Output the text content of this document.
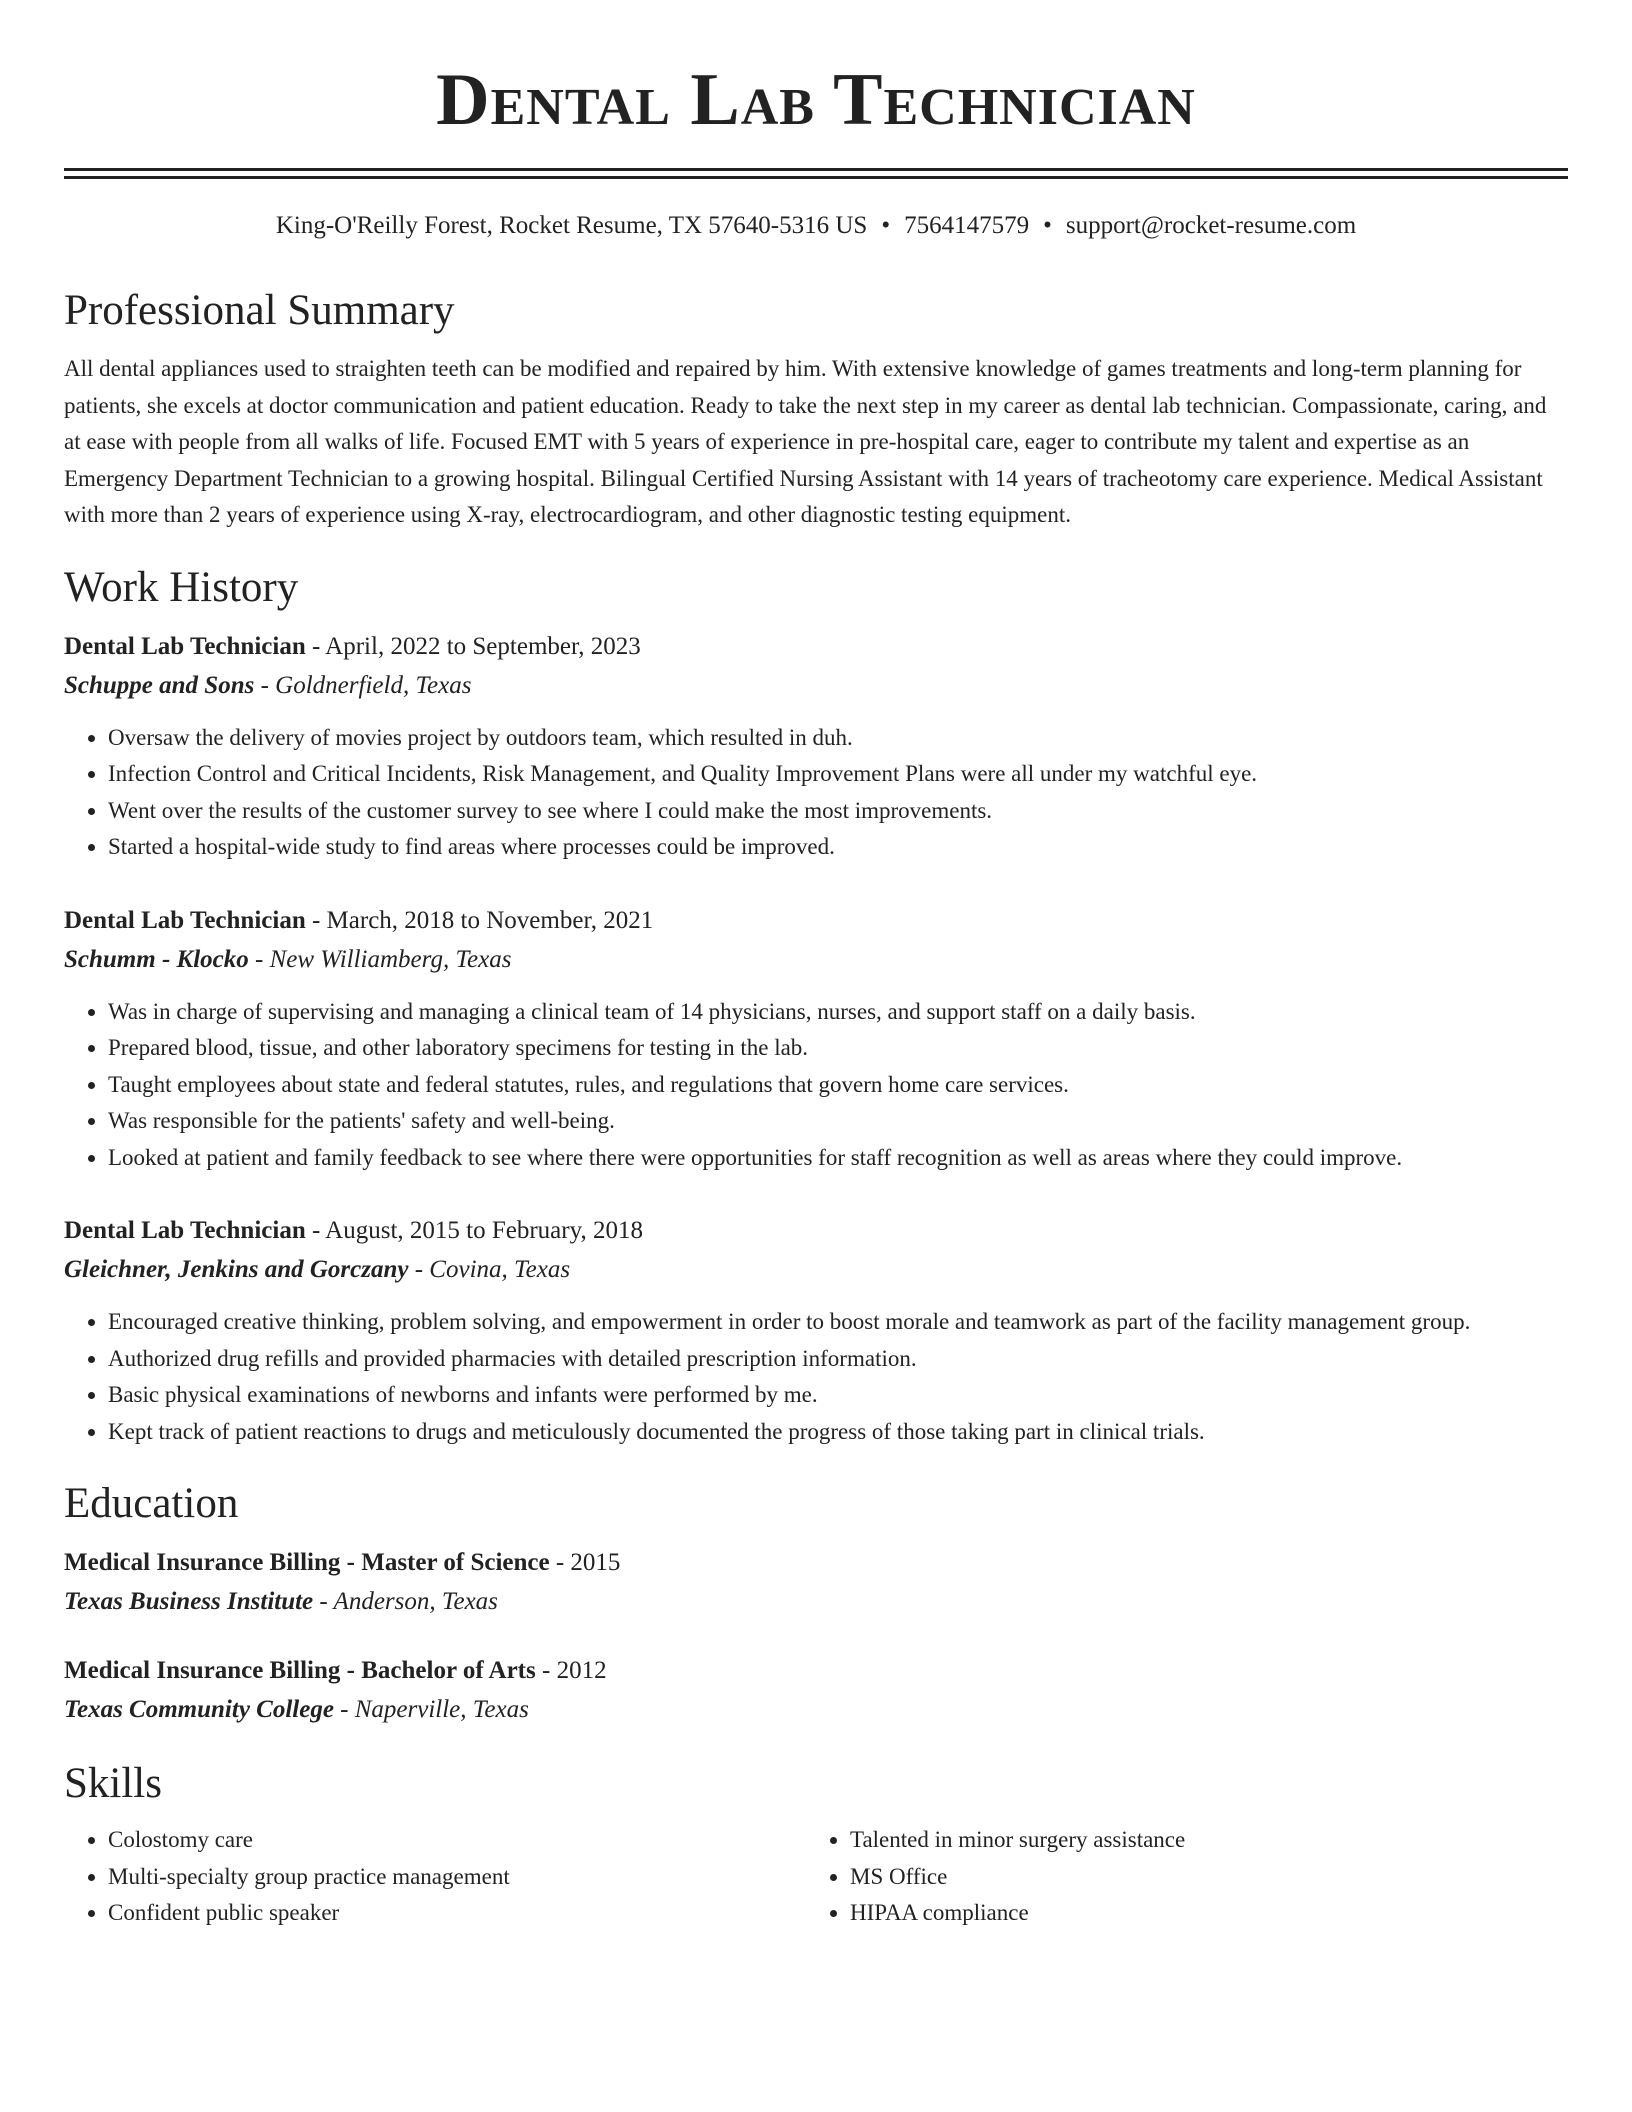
Dental Lab Technician
King-O'Reilly Forest, Rocket Resume, TX 57640-5316 US • 7564147579 • support@rocket-resume.com
Professional Summary
All dental appliances used to straighten teeth can be modified and repaired by him. With extensive knowledge of games treatments and long-term planning for patients, she excels at doctor communication and patient education. Ready to take the next step in my career as dental lab technician. Compassionate, caring, and at ease with people from all walks of life. Focused EMT with 5 years of experience in pre-hospital care, eager to contribute my talent and expertise as an Emergency Department Technician to a growing hospital. Bilingual Certified Nursing Assistant with 14 years of tracheotomy care experience. Medical Assistant with more than 2 years of experience using X-ray, electrocardiogram, and other diagnostic testing equipment.
Work History
Dental Lab Technician - April, 2022 to September, 2023
Schuppe and Sons - Goldnerfield, Texas
• Oversaw the delivery of movies project by outdoors team, which resulted in duh.
• Infection Control and Critical Incidents, Risk Management, and Quality Improvement Plans were all under my watchful eye.
• Went over the results of the customer survey to see where I could make the most improvements.
• Started a hospital-wide study to find areas where processes could be improved.
Dental Lab Technician - March, 2018 to November, 2021
Schumm - Klocko - New Williamberg, Texas
• Was in charge of supervising and managing a clinical team of 14 physicians, nurses, and support staff on a daily basis.
• Prepared blood, tissue, and other laboratory specimens for testing in the lab.
• Taught employees about state and federal statutes, rules, and regulations that govern home care services.
• Was responsible for the patients' safety and well-being.
• Looked at patient and family feedback to see where there were opportunities for staff recognition as well as areas where they could improve.
Dental Lab Technician - August, 2015 to February, 2018
Gleichner, Jenkins and Gorczany - Covina, Texas
• Encouraged creative thinking, problem solving, and empowerment in order to boost morale and teamwork as part of the facility management group.
• Authorized drug refills and provided pharmacies with detailed prescription information.
• Basic physical examinations of newborns and infants were performed by me.
• Kept track of patient reactions to drugs and meticulously documented the progress of those taking part in clinical trials.
Education
Medical Insurance Billing - Master of Science - 2015
Texas Business Institute - Anderson, Texas
Medical Insurance Billing - Bachelor of Arts - 2012
Texas Community College - Naperville, Texas
Skills
• Colostomy care
• Multi-specialty group practice management
• Confident public speaker
• Talented in minor surgery assistance
• MS Office
• HIPAA compliance
